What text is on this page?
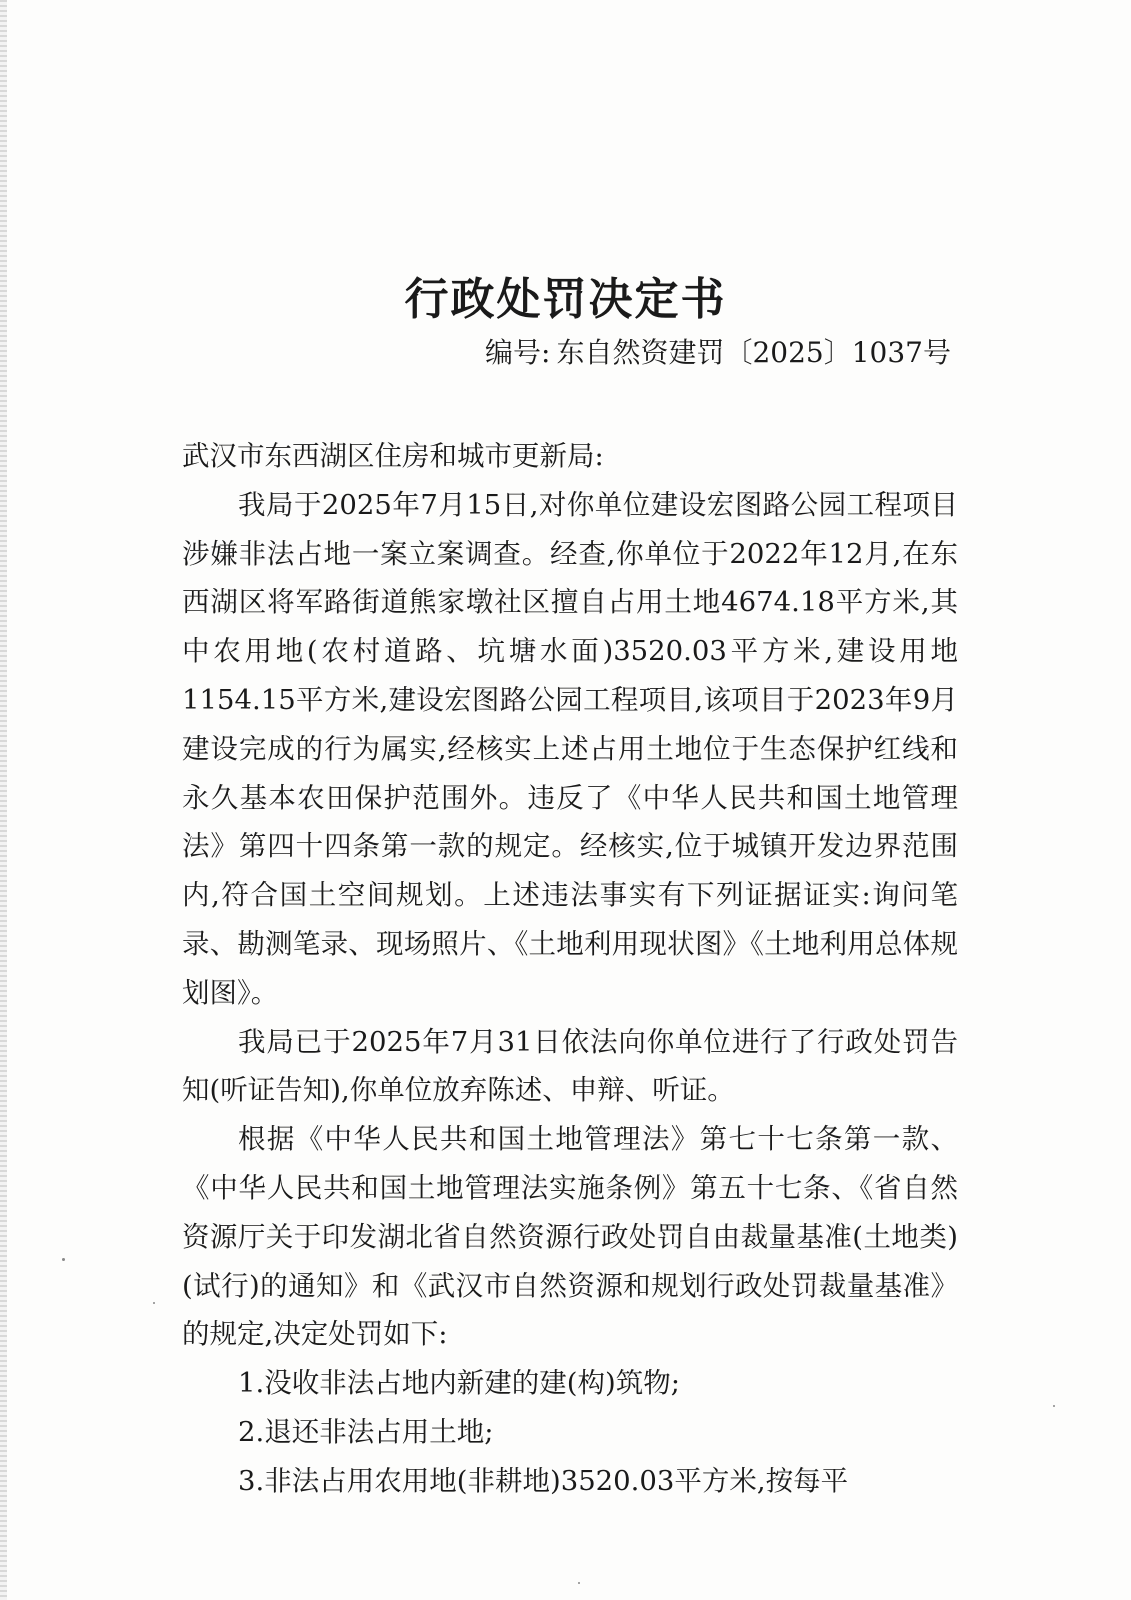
行政处罚决定书
编号: 东自然资建罚〔2025〕1037号

武汉市东西湖区住房和城市更新局:

我局于2025年7月15日,对你单位建设宏图路公园工程项目涉嫌非法占地一案立案调查。经查,你单位于2022年12月,在东西湖区将军路街道熊家墩社区擅自占用土地4674.18平方米,其中农用地(农村道路、坑塘水面)3520.03平方米,建设用地1154.15平方米,建设宏图路公园工程项目,该项目于2023年9月建设完成的行为属实,经核实上述占用土地位于生态保护红线和永久基本农田保护范围外。违反了《中华人民共和国土地管理法》第四十四条第一款的规定。经核实,位于城镇开发边界范围内,符合国土空间规划。上述违法事实有下列证据证实:询问笔录、勘测笔录、现场照片、《土地利用现状图》《土地利用总体规划图》。

我局已于2025年7月31日依法向你单位进行了行政处罚告知(听证告知),你单位放弃陈述、申辩、听证。

根据《中华人民共和国土地管理法》第七十七条第一款、《中华人民共和国土地管理法实施条例》第五十七条、《省自然资源厅关于印发湖北省自然资源行政处罚自由裁量基准(土地类)(试行)的通知》和《武汉市自然资源和规划行政处罚裁量基准》的规定,决定处罚如下:

1.没收非法占地内新建的建(构)筑物;

2.退还非法占用土地;

3.非法占用农用地(非耕地)3520.03平方米,按每平
